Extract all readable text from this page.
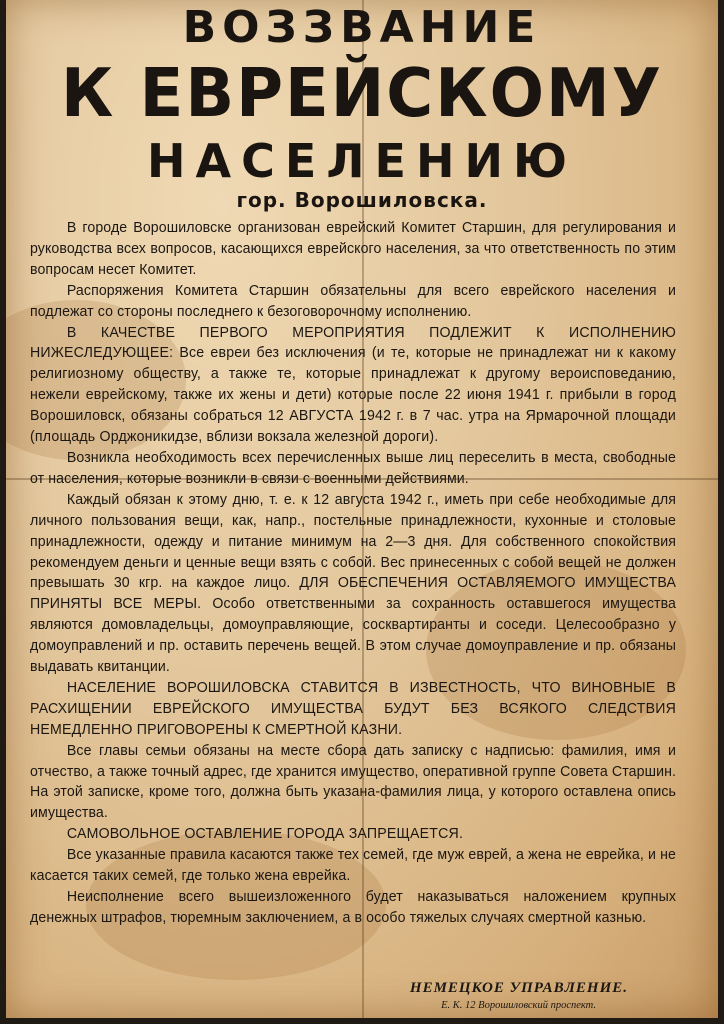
ВОЗЗВАНИЕ
К ЕВРЕЙСКОМУ
НАСЕЛЕНИЮ
гор. Ворошиловска.

В городе Ворошиловске организован еврейский Комитет Старшин, для регулирования и руководства всех вопросов, касающихся еврейского населения, за что ответственность по этим вопросам несет Комитет.

Распоряжения Комитета Старшин обязательны для всего еврейского населения и подлежат со стороны последнего к безоговорочному исполнению.

В КАЧЕСТВЕ ПЕРВОГО МЕРОПРИЯТИЯ ПОДЛЕЖИТ К ИСПОЛНЕНИЮ НИЖЕСЛЕДУЮЩЕЕ: Все евреи без исключения (и те, которые не принадлежат ни к какому религиозному обществу, а также те, которые принадлежат к другому вероисповеданию, нежели еврейскому, также их жены и дети) которые после 22 июня 1941 г. прибыли в город Ворошиловск, обязаны собраться 12 АВГУСТА 1942 г. в 7 час. утра на Ярмарочной площади (площадь Орджоникидзе, вблизи вокзала железной дороги).

Возникла необходимость всех перечисленных выше лиц переселить в места, свободные от населения, которые возникли в связи с военными действиями.

Каждый обязан к этому дню, т. е. к 12 августа 1942 г., иметь при себе необходимые для личного пользования вещи, как, напр., постельные принадлежности, кухонные и столовые принадлежности, одежду и питание минимум на 2—3 дня. Для собственного спокойствия рекомендуем деньги и ценные вещи взять с собой. Вес принесенных с собой вещей не должен превышать 30 кгр. на каждое лицо. ДЛЯ ОБЕСПЕЧЕНИЯ ОСТАВЛЯЕМОГО ИМУЩЕСТВА ПРИНЯТЫ ВСЕ МЕРЫ. Особо ответственными за сохранность оставшегося имущества являются домовладельцы, домоуправляющие, сосквартиранты и соседи. Целесообразно у домоуправлений и пр. оставить перечень вещей. В этом случае домоуправление и пр. обязаны выдавать квитанции.

НАСЕЛЕНИЕ ВОРОШИЛОВСКА СТАВИТСЯ В ИЗВЕСТНОСТЬ, ЧТО ВИНОВНЫЕ В РАСХИЩЕНИИ ЕВРЕЙСКОГО ИМУЩЕСТВА БУДУТ БЕЗ ВСЯКОГО СЛЕДСТВИЯ НЕМЕДЛЕННО ПРИГОВОРЕНЫ К СМЕРТНОЙ КАЗНИ.

Все главы семьи обязаны на месте сбора дать записку с надписью: фамилия, имя и отчество, а также точный адрес, где хранится имущество, оперативной группе Совета Старшин. На этой записке, кроме того, должна быть указана-фамилия лица, у которого оставлена опись имущества.

САМОВОЛЬНОЕ ОСТАВЛЕНИЕ ГОРОДА ЗАПРЕЩАЕТСЯ.

Все указанные правила касаются также тех семей, где муж еврей, а жена не еврейка, и не касается таких семей, где только жена еврейка.

Неисполнение всего вышеизложенного будет наказываться наложением крупных денежных штрафов, тюремным заключением, а в особо тяжелых случаях смертной казнью.

НЕМЕЦКОЕ УПРАВЛЕНИЕ.
Е. К. 12 Ворошиловский проспект.
